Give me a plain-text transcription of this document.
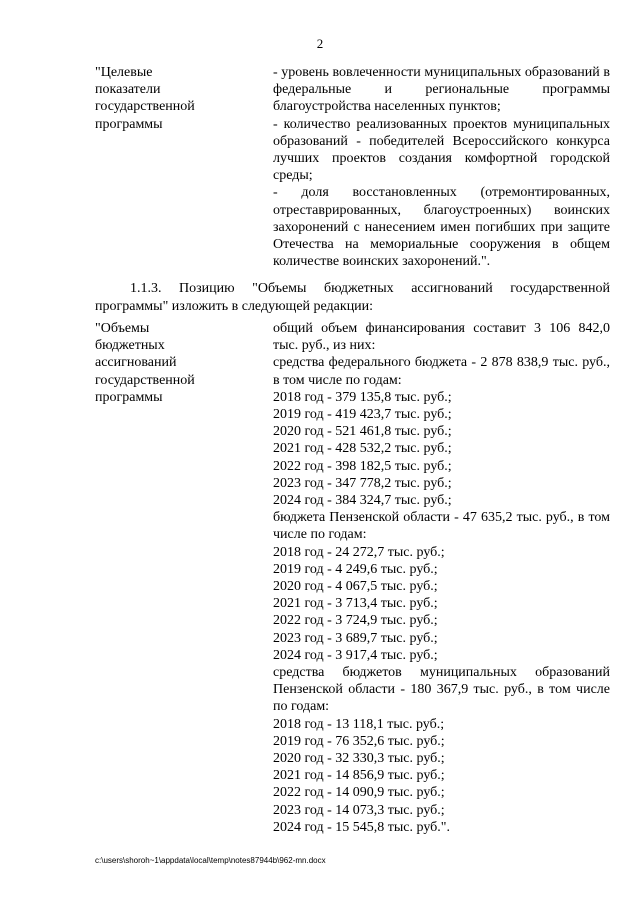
2
"Целевые
показатели
государственной
программы

- уровень вовлеченности муниципальных образований в федеральные и региональные программы благоустройства населенных пунктов;

- количество реализованных проектов муниципальных образований - победителей Всероссийского конкурса лучших проектов создания комфортной городской среды;

- доля восстановленных (отремонтированных, отреставрированных, благоустроенных) воинских захоронений с нанесением имен погибших при защите Отечества на мемориальные сооружения в общем количестве воинских захоронений.".

1.1.3. Позицию "Объемы бюджетных ассигнований государственной программы" изложить в следующей редакции:
"Объемы
бюджетных
ассигнований
государственной
программы

общий объем финансирования составит 3 106 842,0 тыс. руб., из них:

средства федерального бюджета - 2 878 838,9 тыс. руб., в том числе по годам:

2018 год - 379 135,8 тыс. руб.;

2019 год - 419 423,7 тыс. руб.;

2020 год - 521 461,8 тыс. руб.;

2021 год - 428 532,2 тыс. руб.;

2022 год - 398 182,5 тыс. руб.;

2023 год - 347 778,2 тыс. руб.;

2024 год - 384 324,7 тыс. руб.;

бюджета Пензенской области - 47 635,2 тыс. руб., в том числе по годам:

2018 год - 24 272,7 тыс. руб.;

2019 год - 4 249,6 тыс. руб.;

2020 год - 4 067,5 тыс. руб.;

2021 год - 3 713,4 тыс. руб.;

2022 год - 3 724,9 тыс. руб.;

2023 год - 3 689,7 тыс. руб.;

2024 год - 3 917,4 тыс. руб.;

средства бюджетов муниципальных образований Пензенской области - 180 367,9 тыс. руб., в том числе по годам:

2018 год - 13 118,1 тыс. руб.;

2019 год - 76 352,6 тыс. руб.;

2020 год - 32 330,3 тыс. руб.;

2021 год - 14 856,9 тыс. руб.;

2022 год - 14 090,9 тыс. руб.;

2023 год - 14 073,3 тыс. руб.;

2024 год - 15 545,8 тыс. руб.".

c:\users\shoroh~1\appdata\local\temp\notes87944b\962-mn.docx
